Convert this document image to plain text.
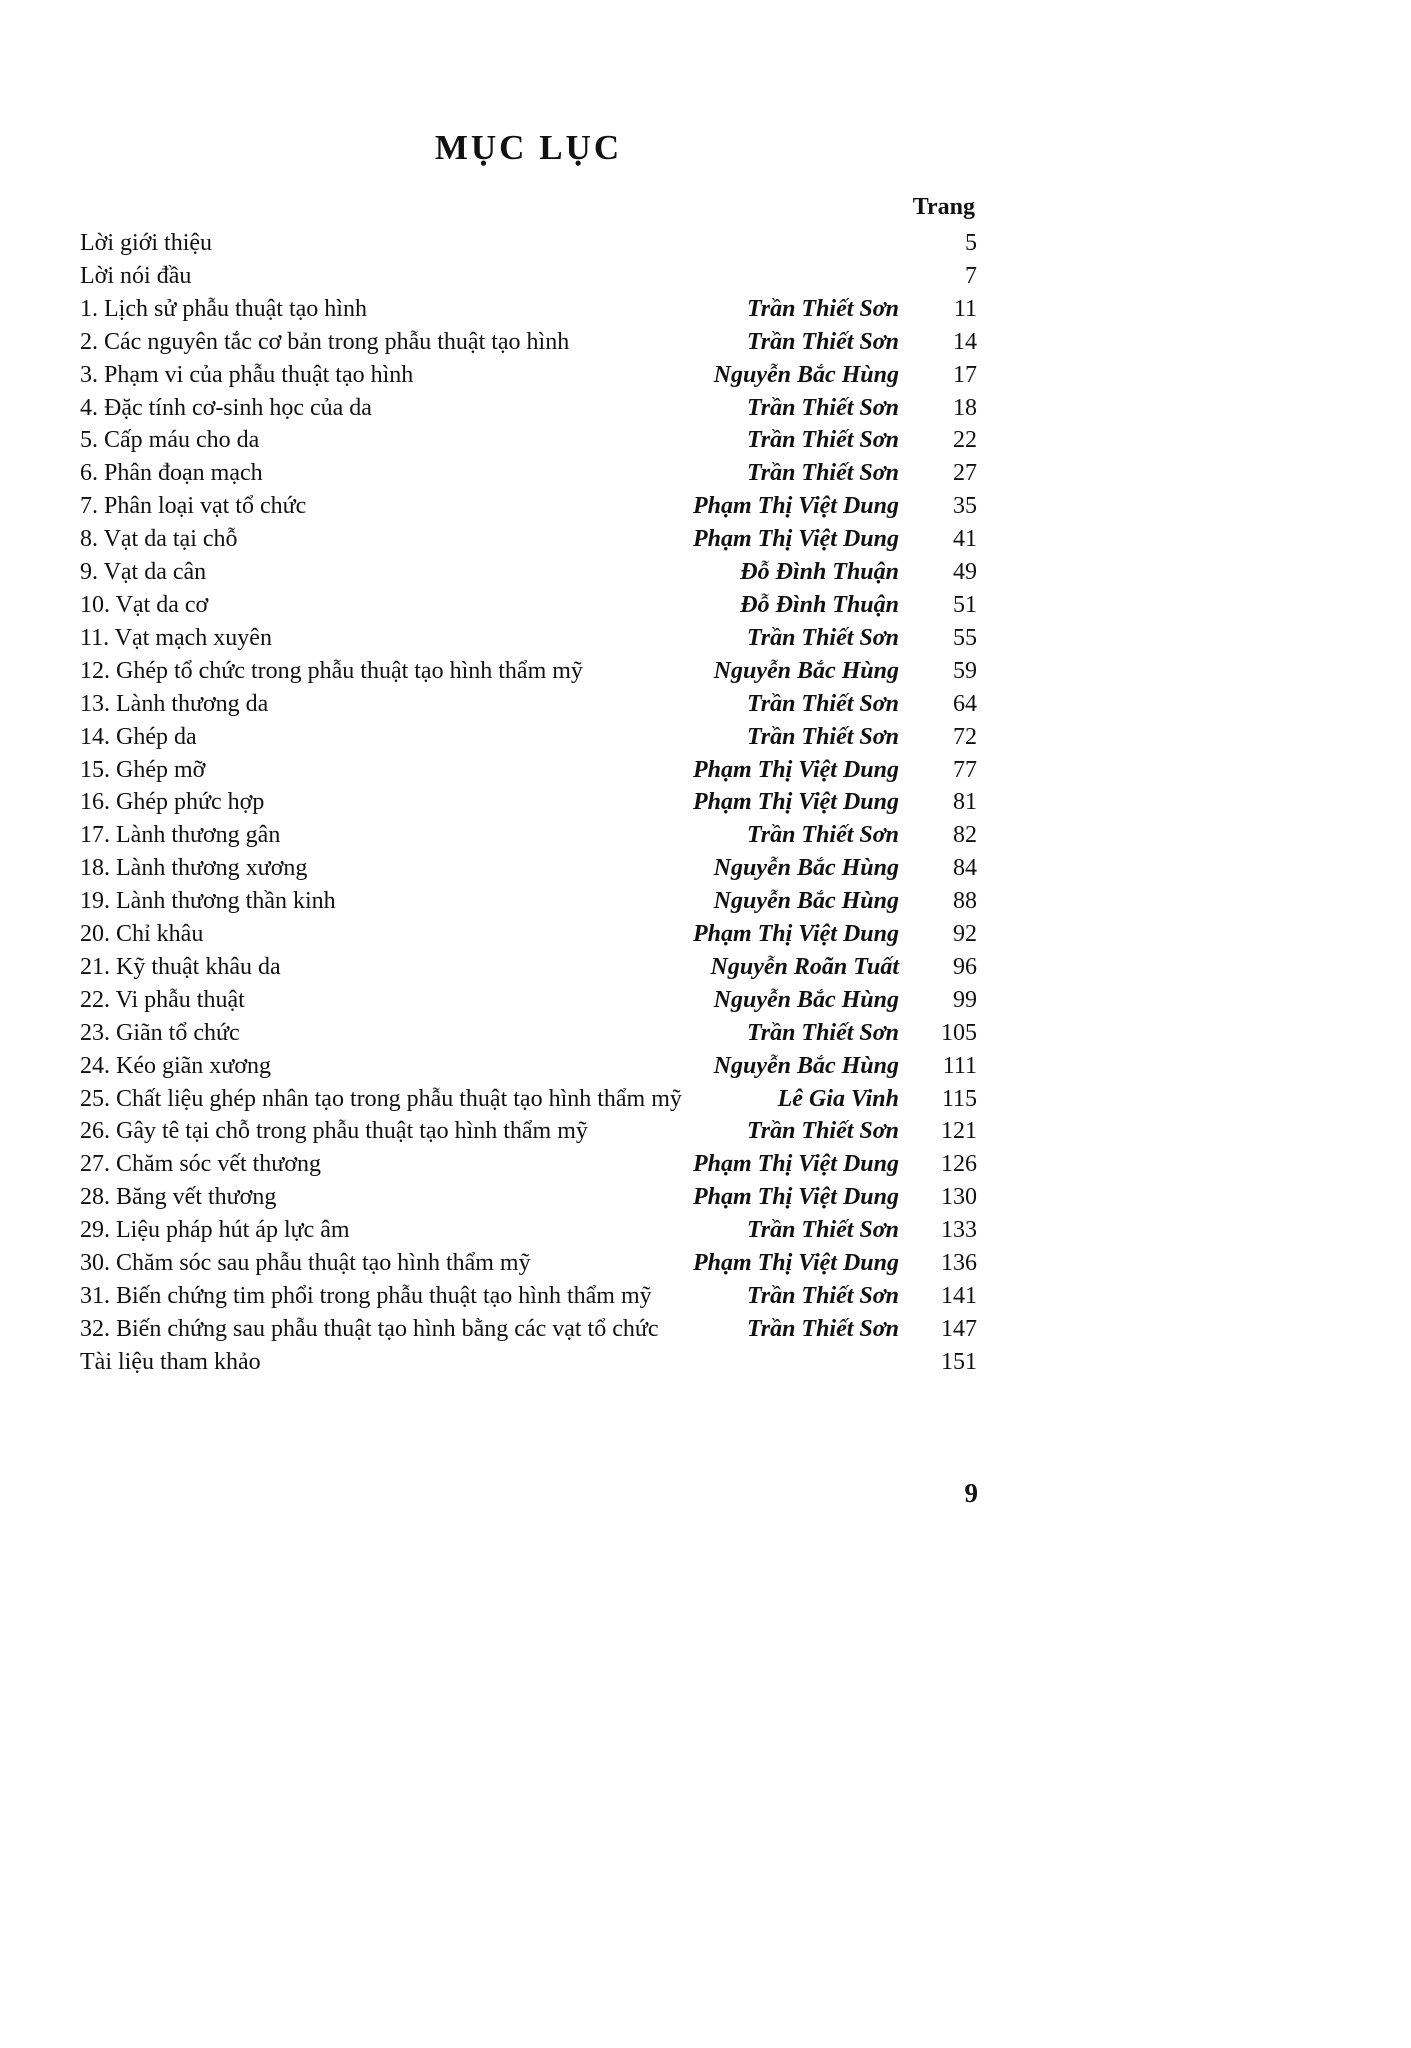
MỤC LỤC
Trang
Lời giới thiệu	5
Lời nói đầu	7
1. Lịch sử phẫu thuật tạo hình	Trần Thiết Sơn	11
2. Các nguyên tắc cơ bản trong phẫu thuật tạo hình	Trần Thiết Sơn	14
3. Phạm vi của phẫu thuật tạo hình	Nguyễn Bắc Hùng	17
4. Đặc tính cơ-sinh học của da	Trần Thiết Sơn	18
5. Cấp máu cho da	Trần Thiết Sơn	22
6. Phân đoạn mạch	Trần Thiết Sơn	27
7. Phân loại vạt tổ chức	Phạm Thị Việt Dung	35
8. Vạt da tại chỗ	Phạm Thị Việt Dung	41
9. Vạt da cân	Đỗ Đình Thuận	49
10. Vạt da cơ	Đỗ Đình Thuận	51
11. Vạt mạch xuyên	Trần Thiết Sơn	55
12. Ghép tổ chức trong phẫu thuật tạo hình thẩm mỹ	Nguyễn Bắc Hùng	59
13. Lành thương da	Trần Thiết Sơn	64
14. Ghép da	Trần Thiết Sơn	72
15. Ghép mỡ	Phạm Thị Việt Dung	77
16. Ghép phức hợp	Phạm Thị Việt Dung	81
17. Lành thương gân	Trần Thiết Sơn	82
18. Lành thương xương	Nguyễn Bắc Hùng	84
19. Lành thương thần kinh	Nguyễn Bắc Hùng	88
20. Chỉ khâu	Phạm Thị Việt Dung	92
21. Kỹ thuật khâu da	Nguyễn Roãn Tuất	96
22. Vi phẫu thuật	Nguyễn Bắc Hùng	99
23. Giãn tổ chức	Trần Thiết Sơn	105
24. Kéo giãn xương	Nguyễn Bắc Hùng	111
25. Chất liệu ghép nhân tạo trong phẫu thuật tạo hình thẩm mỹ	Lê Gia Vinh	115
26. Gây tê tại chỗ trong phẫu thuật tạo hình thẩm mỹ	Trần Thiết Sơn	121
27. Chăm sóc vết thương	Phạm Thị Việt Dung	126
28. Băng vết thương	Phạm Thị Việt Dung	130
29. Liệu pháp hút áp lực âm	Trần Thiết Sơn	133
30. Chăm sóc sau phẫu thuật tạo hình thẩm mỹ	Phạm Thị Việt Dung	136
31. Biến chứng tim phổi trong phẫu thuật tạo hình thẩm mỹ	Trần Thiết Sơn	141
32. Biến chứng sau phẫu thuật tạo hình bằng các vạt tổ chức	Trần Thiết Sơn	147
Tài liệu tham khảo	151
9
